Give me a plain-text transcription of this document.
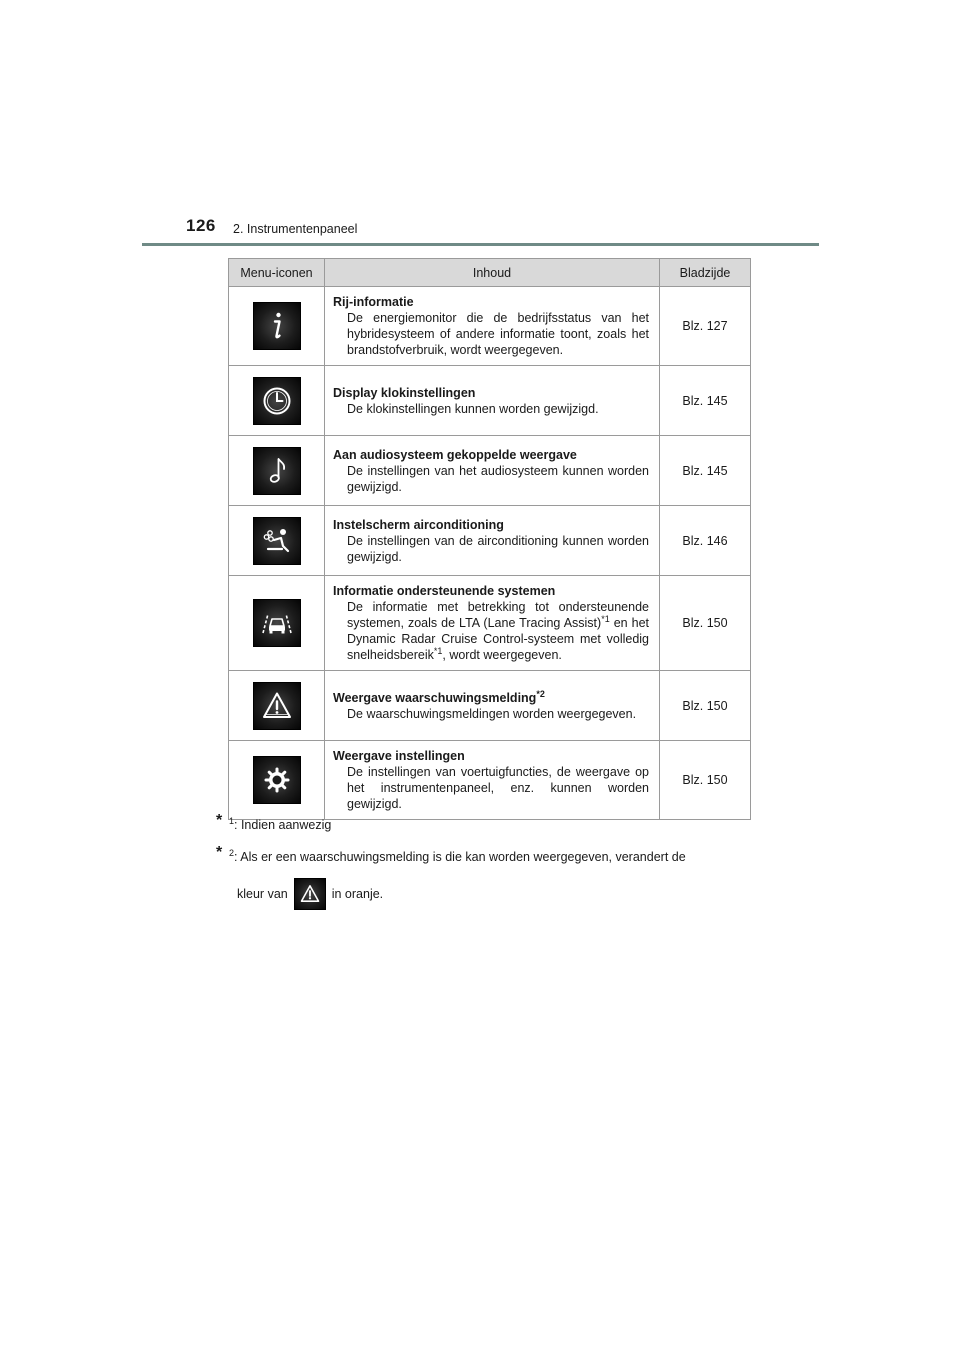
126 2. Instrumentenpaneel
Menu-iconen	Inhoud	Bladzijde

Rij-informatie
De energiemonitor die de bedrijfsstatus van het hybridesysteem of andere informatie toont, zoals het brandstofverbruik, wordt weergegeven.	Blz. 127

Display klokinstellingen
De klokinstellingen kunnen worden gewijzigd.	Blz. 145

Aan audiosysteem gekoppelde weergave
De instellingen van het audiosysteem kunnen worden gewijzigd.	Blz. 145

Instelscherm airconditioning
De instellingen van de airconditioning kunnen worden gewijzigd.	Blz. 146

Informatie ondersteunende systemen
De informatie met betrekking tot ondersteunende systemen, zoals de LTA (Lane Tracing Assist)$^{*1}$ en het Dynamic Radar Cruise Control-systeem met volledig snelheidsbereik$^{*1}$, wordt weergegeven.	Blz. 150

Weergave waarschuwingsmelding$^{*2}$
De waarschuwingsmeldingen worden weergegeven.	Blz. 150

Weergave instellingen
De instellingen van voertuigfuncties, de weergave op het instrumentenpaneel, enz. kunnen worden gewijzigd.	Blz. 150
* $^1$: Indien aanwezig
* $^2$: Als er een waarschuwingsmelding is die kan worden weergegeven, verandert de
kleur van	in oranje.
